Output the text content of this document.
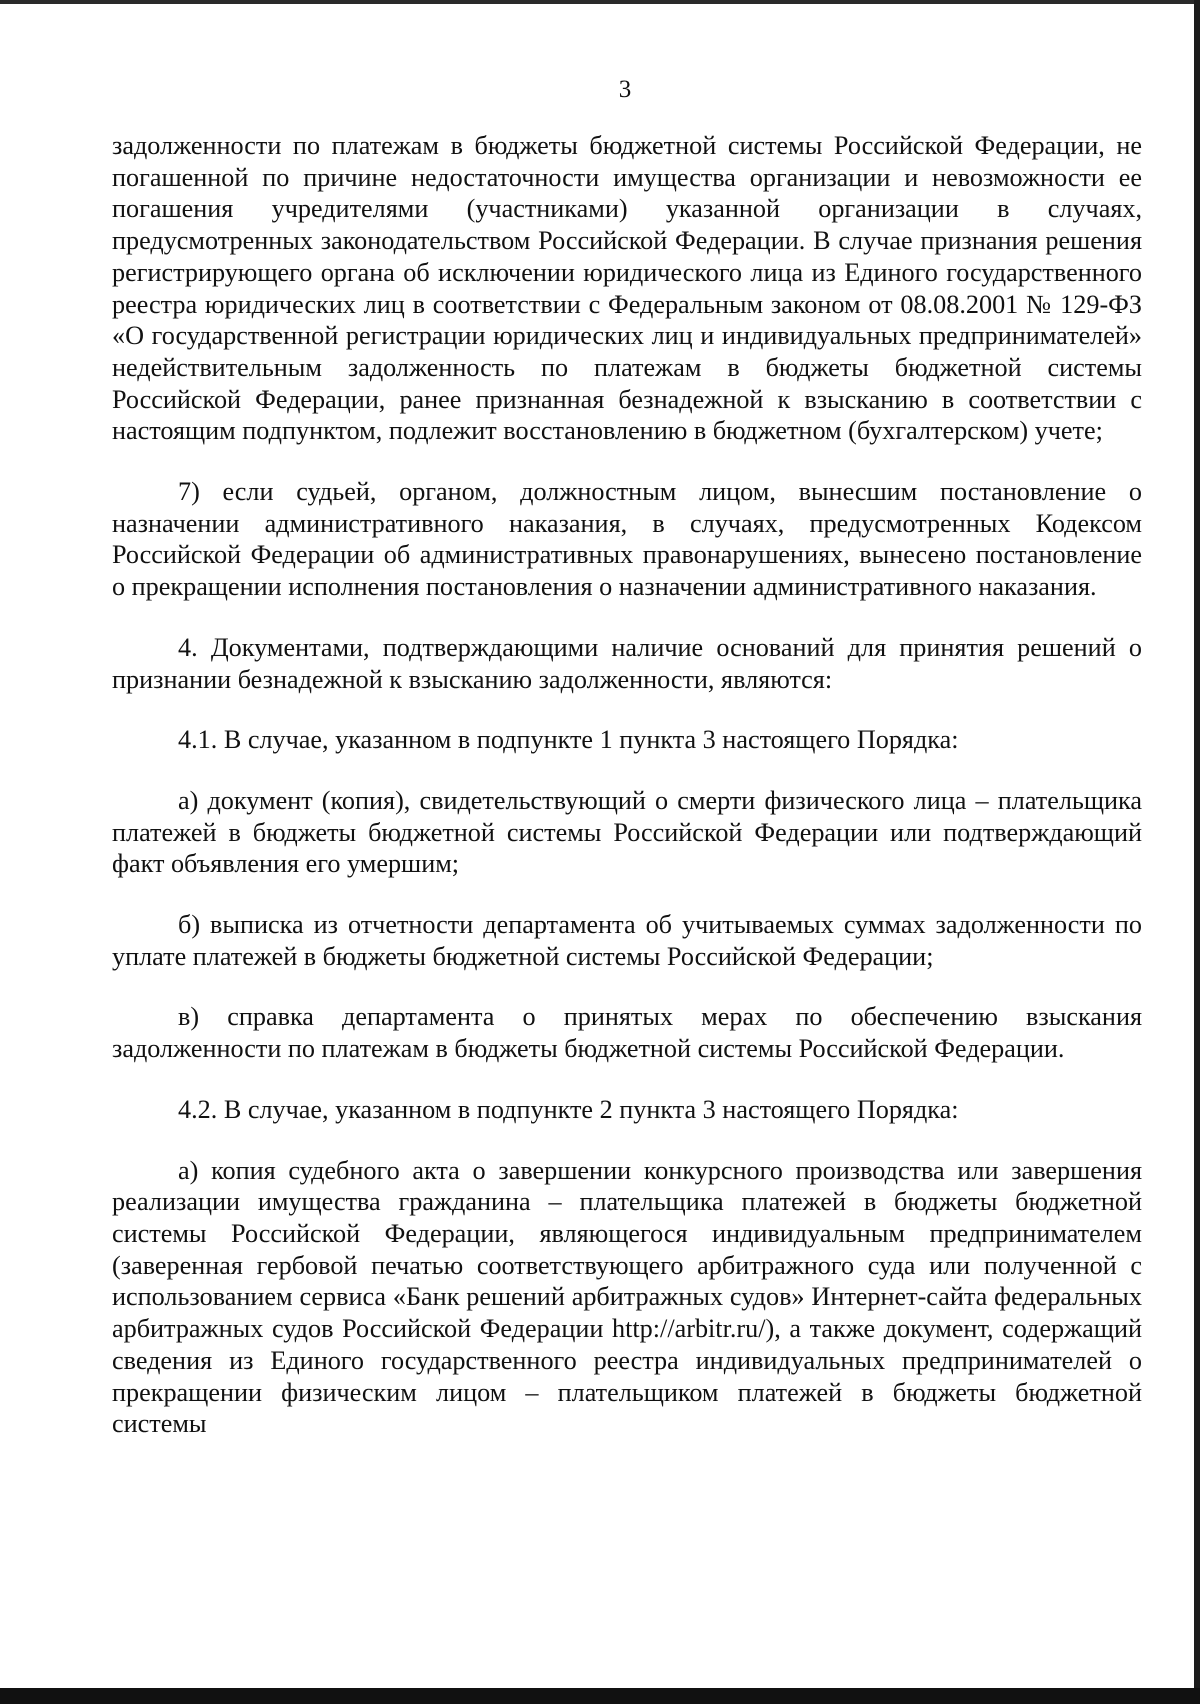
3

задолженности по платежам в бюджеты бюджетной системы Российской Федерации, не погашенной по причине недостаточности имущества организации и невозможности ее погашения учредителями (участниками) указанной организации в случаях, предусмотренных законодательством Российской Федерации. В случае признания решения регистрирующего органа об исключении юридического лица из Единого государственного реестра юридических лиц в соответствии с Федеральным законом от 08.08.2001 № 129-ФЗ «О государственной регистрации юридических лиц и индивидуальных предпринимателей» недействительным задолженность по платежам в бюджеты бюджетной системы Российской Федерации, ранее признанная безнадежной к взысканию в соответствии с настоящим подпунктом, подлежит восстановлению в бюджетном (бухгалтерском) учете;

7) если судьей, органом, должностным лицом, вынесшим постановление о назначении административного наказания, в случаях, предусмотренных Кодексом Российской Федерации об административных правонарушениях, вынесено постановление о прекращении исполнения постановления о назначении административного наказания.

4. Документами, подтверждающими наличие оснований для принятия решений о признании безнадежной к взысканию задолженности, являются:

4.1. В случае, указанном в подпункте 1 пункта 3 настоящего Порядка:

а) документ (копия), свидетельствующий о смерти физического лица – плательщика платежей в бюджеты бюджетной системы Российской Федерации или подтверждающий факт объявления его умершим;

б) выписка из отчетности департамента об учитываемых суммах задолженности по уплате платежей в бюджеты бюджетной системы Российской Федерации;

в) справка департамента о принятых мерах по обеспечению взыскания задолженности по платежам в бюджеты бюджетной системы Российской Федерации.

4.2. В случае, указанном в подпункте 2 пункта 3 настоящего Порядка:

а) копия судебного акта о завершении конкурсного производства или завершения реализации имущества гражданина – плательщика платежей в бюджеты бюджетной системы Российской Федерации, являющегося индивидуальным предпринимателем (заверенная гербовой печатью соответствующего арбитражного суда или полученной с использованием сервиса «Банк решений арбитражных судов» Интернет-сайта федеральных арбитражных судов Российской Федерации http://arbitr.ru/), а также документ, содержащий сведения из Единого государственного реестра индивидуальных предпринимателей о прекращении физическим лицом – плательщиком платежей в бюджеты бюджетной системы
